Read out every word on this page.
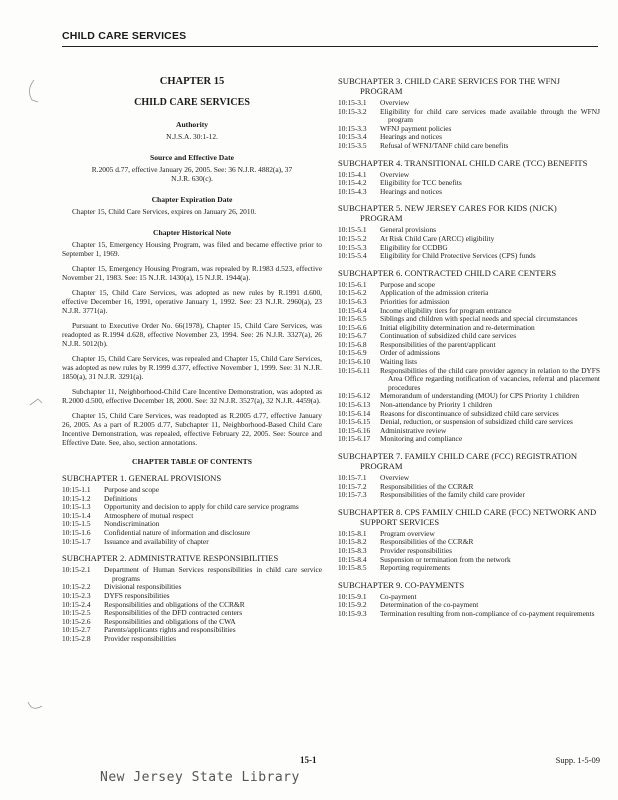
CHILD CARE SERVICES
CHAPTER 15
CHILD CARE SERVICES
Authority
N.J.S.A. 30:1-12.
Source and Effective Date
R.2005 d.77, effective January 26, 2005. See: 36 N.J.R. 4882(a), 37 N.J.R. 630(c).
Chapter Expiration Date
Chapter 15, Child Care Services, expires on January 26, 2010.
Chapter Historical Note
Chapter 15, Emergency Housing Program, was filed and became effective prior to September 1, 1969.
Chapter 15, Emergency Housing Program, was repealed by R.1983 d.523, effective November 21, 1983. See: 15 N.J.R. 1430(a), 15 N.J.R. 1944(a).
Chapter 15, Child Care Services, was adopted as new rules by R.1991 d.600, effective December 16, 1991, operative January 1, 1992. See: 23 N.J.R. 2960(a), 23 N.J.R. 3771(a).
Pursuant to Executive Order No. 66(1978), Chapter 15, Child Care Services, was readopted as R.1994 d.628, effective November 23, 1994. See: 26 N.J.R. 3327(a), 26 N.J.R. 5012(b).
Chapter 15, Child Care Services, was repealed and Chapter 15, Child Care Services, was adopted as new rules by R.1999 d.377, effective November 1, 1999. See: 31 N.J.R. 1850(a), 31 N.J.R. 3291(a).
Subchapter 11, Neighborhood-Child Care Incentive Demonstration, was adopted as R.2000 d.500, effective December 18, 2000. See: 32 N.J.R. 3527(a), 32 N.J.R. 4459(a).
Chapter 15, Child Care Services, was readopted as R.2005 d.77, effective January 26, 2005. As a part of R.2005 d.77, Subchapter 11, Neighborhood-Based Child Care Incentive Demonstration, was repealed, effective February 22, 2005. See: Source and Effective Date. See, also, section annotations.
CHAPTER TABLE OF CONTENTS
SUBCHAPTER 1. GENERAL PROVISIONS
10:15-1.1	Purpose and scope
10:15-1.2	Definitions
10:15-1.3	Opportunity and decision to apply for child care service programs
10:15-1.4	Atmosphere of mutual respect
10:15-1.5	Nondiscrimination
10:15-1.6	Confidential nature of information and disclosure
10:15-1.7	Issuance and availability of chapter
SUBCHAPTER 2. ADMINISTRATIVE RESPONSIBILITIES
10:15-2.1	Department of Human Services responsibilities in child care service programs
10:15-2.2	Divisional responsibilities
10:15-2.3	DYFS responsibilities
10:15-2.4	Responsibilities and obligations of the CCR&R
10:15-2.5	Responsibilities of the DFD contracted centers
10:15-2.6	Responsibilities and obligations of the CWA
10:15-2.7	Parents/applicants rights and responsibilities
10:15-2.8	Provider responsibilities
SUBCHAPTER 3. CHILD CARE SERVICES FOR THE WFNJ PROGRAM
10:15-3.1	Overview
10:15-3.2	Eligibility for child care services made available through the WFNJ program
10:15-3.3	WFNJ payment policies
10:15-3.4	Hearings and notices
10:15-3.5	Refusal of WFNJ/TANF child care benefits
SUBCHAPTER 4. TRANSITIONAL CHILD CARE (TCC) BENEFITS
10:15-4.1	Overview
10:15-4.2	Eligibility for TCC benefits
10:15-4.3	Hearings and notices
SUBCHAPTER 5. NEW JERSEY CARES FOR KIDS (NJCK) PROGRAM
10:15-5.1	General provisions
10:15-5.2	At Risk Child Care (ARCC) eligibility
10:15-5.3	Eligibility for CCDBG
10:15-5.4	Eligibility for Child Protective Services (CPS) funds
SUBCHAPTER 6. CONTRACTED CHILD CARE CENTERS
10:15-6.1	Purpose and scope
10:15-6.2	Application of the admission criteria
10:15-6.3	Priorities for admission
10:15-6.4	Income eligibility tiers for program entrance
10:15-6.5	Siblings and children with special needs and special circumstances
10:15-6.6	Initial eligibility determination and re-determination
10:15-6.7	Continuation of subsidized child care services
10:15-6.8	Responsibilities of the parent/applicant
10:15-6.9	Order of admissions
10:15-6.10	Waiting lists
10:15-6.11	Responsibilities of the child care provider agency in relation to the DYFS Area Office regarding notification of vacancies, referral and placement procedures
10:15-6.12	Memorandum of understanding (MOU) for CPS Priority 1 children
10:15-6.13	Non-attendance by Priority 1 children
10:15-6.14	Reasons for discontinuance of subsidized child care services
10:15-6.15	Denial, reduction, or suspension of subsidized child care services
10:15-6.16	Administrative review
10:15-6.17	Monitoring and compliance
SUBCHAPTER 7. FAMILY CHILD CARE (FCC) REGISTRATION PROGRAM
10:15-7.1	Overview
10:15-7.2	Responsibilities of the CCR&R
10:15-7.3	Responsibilities of the family child care provider
SUBCHAPTER 8. CPS FAMILY CHILD CARE (FCC) NETWORK AND SUPPORT SERVICES
10:15-8.1	Program overview
10:15-8.2	Responsibilities of the CCR&R
10:15-8.3	Provider responsibilities
10:15-8.4	Suspension or termination from the network
10:15-8.5	Reporting requirements
SUBCHAPTER 9. CO-PAYMENTS
10:15-9.1	Co-payment
10:15-9.2	Determination of the co-payment
10:15-9.3	Termination resulting from non-compliance of co-payment requirements
15-1	Supp. 1-5-09
New Jersey State Library
